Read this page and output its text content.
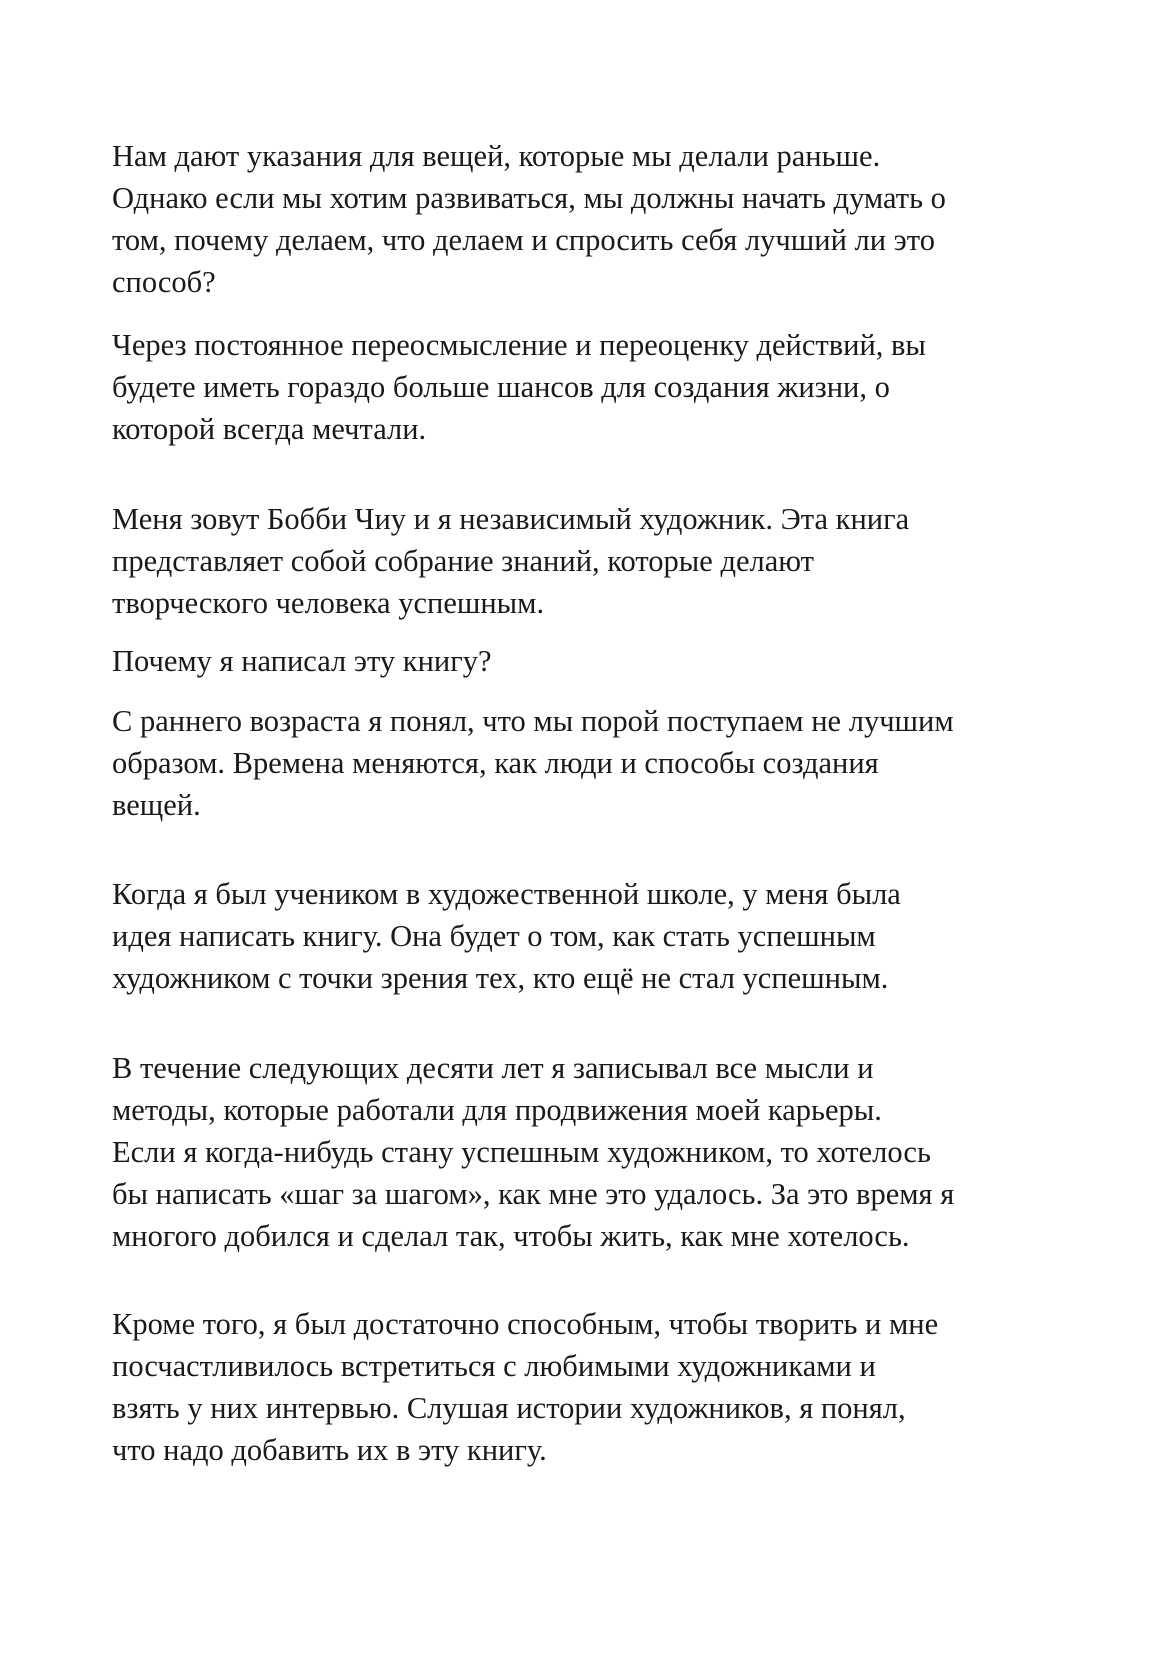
Нам дают указания для вещей, которые мы делали раньше.
Однако если мы хотим развиваться, мы должны начать думать о
том, почему делаем, что делаем и спросить себя лучший ли это
способ?

Через постоянное переосмысление и переоценку действий, вы
будете иметь гораздо больше шансов для создания жизни, о
которой всегда мечтали.

Меня зовут Бобби Чиу и я независимый художник. Эта книга
представляет собой собрание знаний, которые делают
творческого человека успешным.

Почему я написал эту книгу?

С раннего возраста я понял, что мы порой поступаем не лучшим
образом. Времена меняются, как люди и способы создания
вещей.

Когда я был учеником в художественной школе, у меня была
идея написать книгу. Она будет о том, как стать успешным
художником с точки зрения тех, кто ещё не стал успешным.

В течение следующих десяти лет я записывал все мысли и
методы, которые работали для продвижения моей карьеры.
Если я когда-нибудь стану успешным художником, то хотелось
бы написать «шаг за шагом», как мне это удалось. За это время я
многого добился и сделал так, чтобы жить, как мне хотелось.

Кроме того, я был достаточно способным, чтобы творить и мне
посчастливилось встретиться с любимыми художниками и
взять у них интервью. Слушая истории художников, я понял,
что надо добавить их в эту книгу.
